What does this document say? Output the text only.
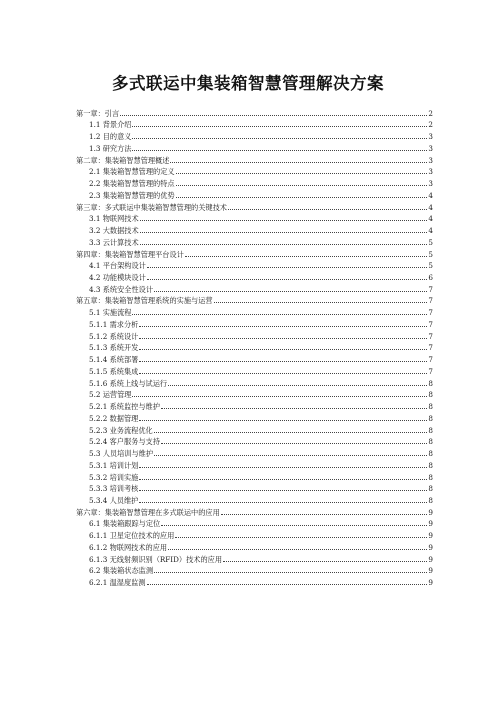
多式联运中集装箱智慧管理解决方案
第一章：引言	2
1.1 背景介绍	2
1.2 目的意义	3
1.3 研究方法	3
第二章：集装箱智慧管理概述	3
2.1 集装箱智慧管理的定义	3
2.2 集装箱智慧管理的特点	3
2.3 集装箱智慧管理的优势	4
第三章：多式联运中集装箱智慧管理的关键技术	4
3.1 物联网技术	4
3.2 大数据技术	4
3.3 云计算技术	5
第四章：集装箱智慧管理平台设计	5
4.1 平台架构设计	5
4.2 功能模块设计	6
4.3 系统安全性设计	7
第五章：集装箱智慧管理系统的实施与运营	7
5.1 实施流程	7
5.1.1 需求分析	7
5.1.2 系统设计	7
5.1.3 系统开发	7
5.1.4 系统部署	7
5.1.5 系统集成	7
5.1.6 系统上线与试运行	8
5.2 运营管理	8
5.2.1 系统监控与维护	8
5.2.2 数据管理	8
5.2.3 业务流程优化	8
5.2.4 客户服务与支持	8
5.3 人员培训与维护	8
5.3.1 培训计划	8
5.3.2 培训实施	8
5.3.3 培训考核	8
5.3.4 人员维护	8
第六章：集装箱智慧管理在多式联运中的应用	9
6.1 集装箱跟踪与定位	9
6.1.1 卫星定位技术的应用	9
6.1.2 物联网技术的应用	9
6.1.3 无线射频识别（RFID）技术的应用	9
6.2 集装箱状态监测	9
6.2.1 温湿度监测	9
